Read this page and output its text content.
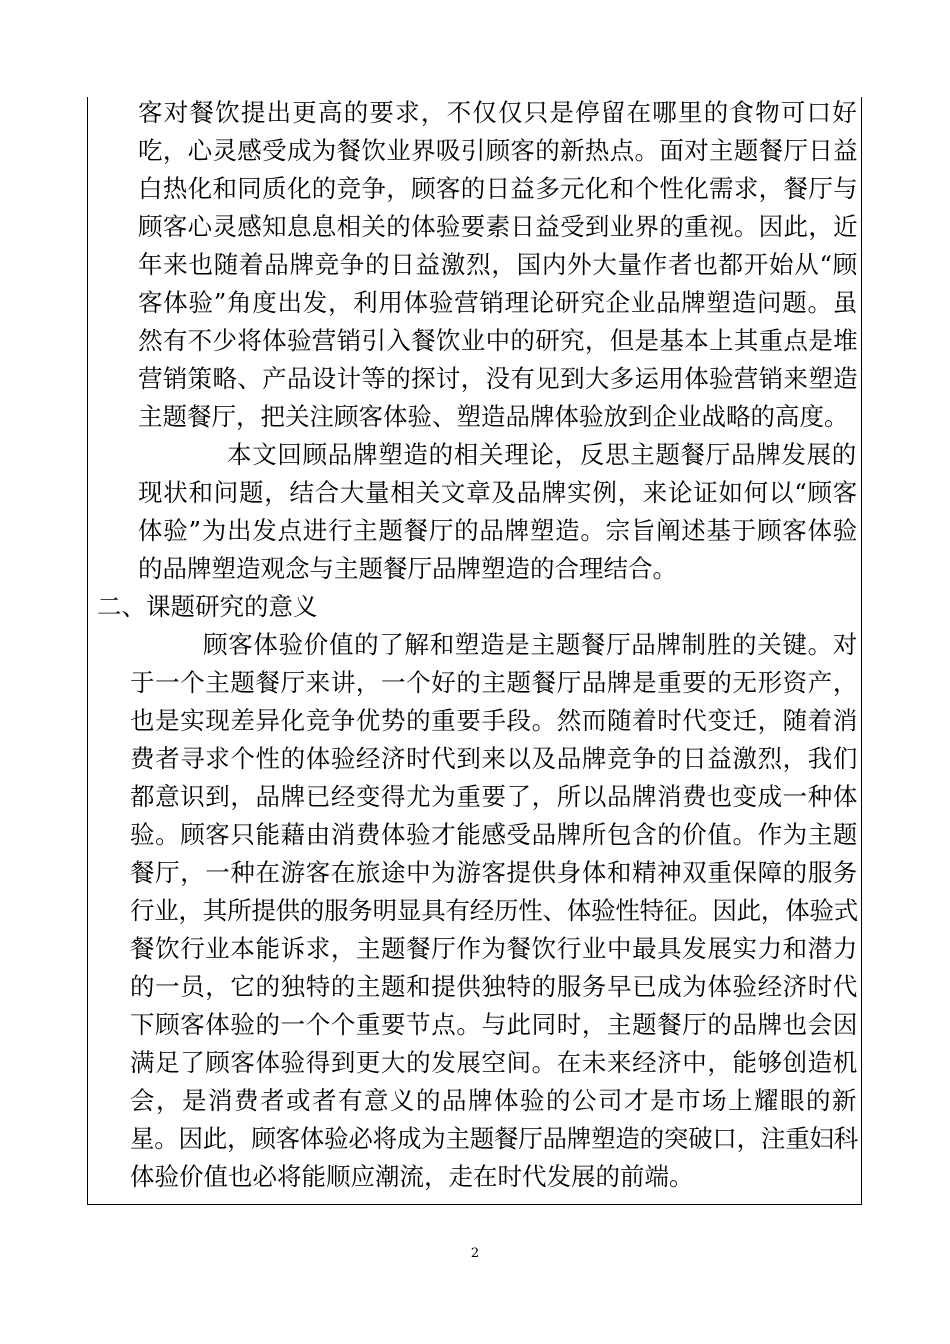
客对餐饮提出更高的要求，不仅仅只是停留在哪里的食物可口好
吃，心灵感受成为餐饮业界吸引顾客的新热点。面对主题餐厅日益
白热化和同质化的竞争，顾客的日益多元化和个性化需求，餐厅与
顾客心灵感知息息相关的体验要素日益受到业界的重视。因此，近
年来也随着品牌竞争的日益激烈，国内外大量作者也都开始从“顾
客体验”角度出发，利用体验营销理论研究企业品牌塑造问题。虽
然有不少将体验营销引入餐饮业中的研究，但是基本上其重点是堆
营销策略、产品设计等的探讨，没有见到大多运用体验营销来塑造
主题餐厅，把关注顾客体验、塑造品牌体验放到企业战略的高度。
本文回顾品牌塑造的相关理论，反思主题餐厅品牌发展的
现状和问题，结合大量相关文章及品牌实例，来论证如何以“顾客
体验”为出发点进行主题餐厅的品牌塑造。宗旨阐述基于顾客体验
的品牌塑造观念与主题餐厅品牌塑造的合理结合。
二、课题研究的意义
顾客体验价值的了解和塑造是主题餐厅品牌制胜的关键。对
于一个主题餐厅来讲，一个好的主题餐厅品牌是重要的无形资产，
也是实现差异化竞争优势的重要手段。然而随着时代变迁，随着消
费者寻求个性的体验经济时代到来以及品牌竞争的日益激烈，我们
都意识到，品牌已经变得尤为重要了，所以品牌消费也变成一种体
验。顾客只能藉由消费体验才能感受品牌所包含的价值。作为主题
餐厅，一种在游客在旅途中为游客提供身体和精神双重保障的服务
行业，其所提供的服务明显具有经历性、体验性特征。因此，体验式
餐饮行业本能诉求，主题餐厅作为餐饮行业中最具发展实力和潜力
的一员，它的独特的主题和提供独特的服务早已成为体验经济时代
下顾客体验的一个个重要节点。与此同时，主题餐厅的品牌也会因
满足了顾客体验得到更大的发展空间。在未来经济中，能够创造机
会，是消费者或者有意义的品牌体验的公司才是市场上耀眼的新
星。因此，顾客体验必将成为主题餐厅品牌塑造的突破口，注重妇科
体验价值也必将能顺应潮流，走在时代发展的前端。
2
